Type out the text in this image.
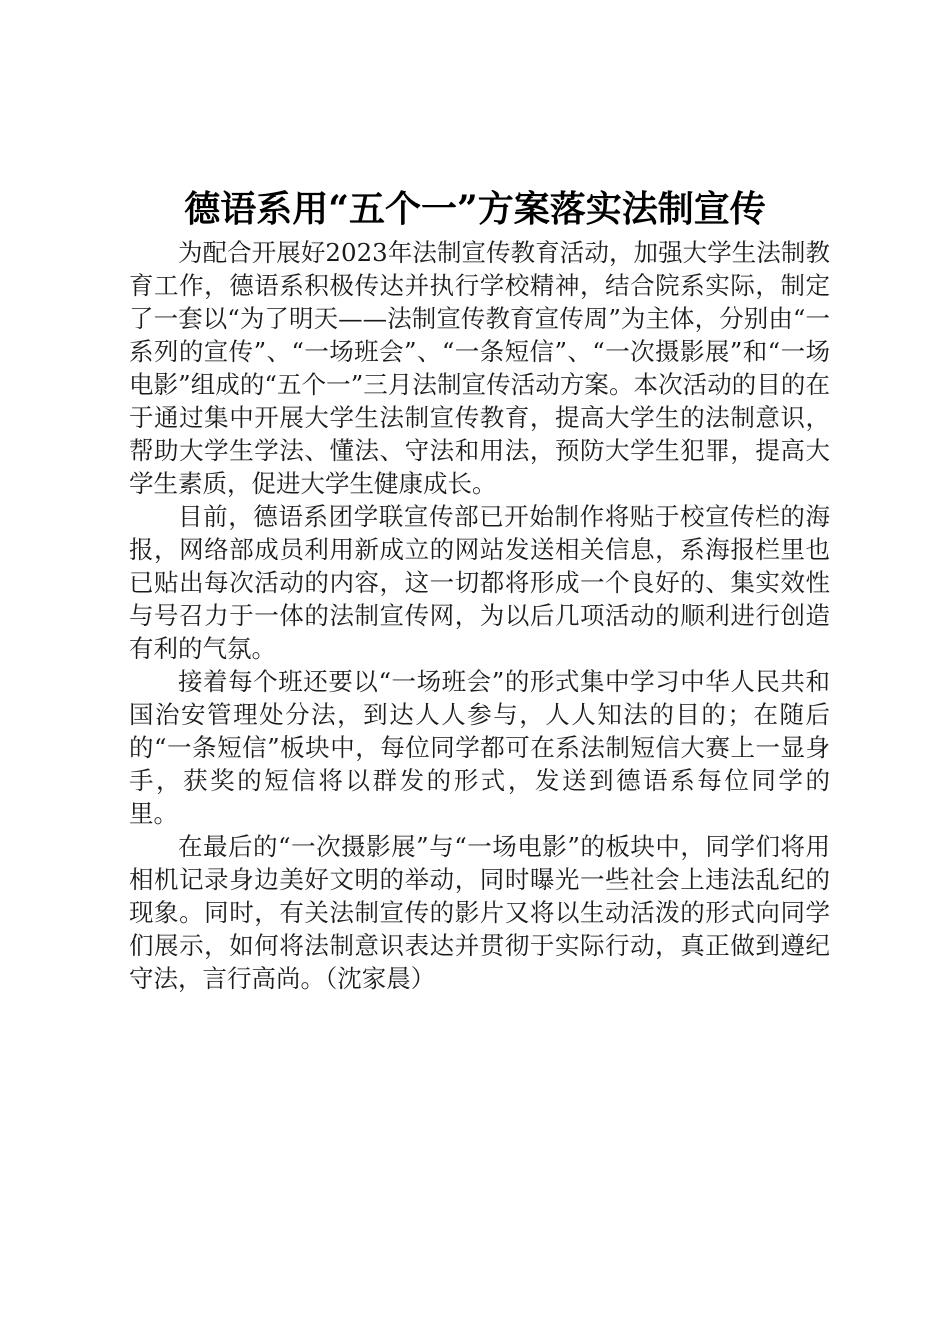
德语系用“五个一”方案落实法制宣传

为配合开展好2023年法制宣传教育活动，加强大学生法制教育工作，德语系积极传达并执行学校精神，结合院系实际，制定了一套以“为了明天——法制宣传教育宣传周”为主体，分别由“一系列的宣传”、“一场班会”、“一条短信”、“一次摄影展”和“一场电影”组成的“五个一”三月法制宣传活动方案。本次活动的目的在于通过集中开展大学生法制宣传教育，提高大学生的法制意识，帮助大学生学法、懂法、守法和用法，预防大学生犯罪，提高大学生素质，促进大学生健康成长。

目前，德语系团学联宣传部已开始制作将贴于校宣传栏的海报，网络部成员利用新成立的网站发送相关信息，系海报栏里也已贴出每次活动的内容，这一切都将形成一个良好的、集实效性与号召力于一体的法制宣传网，为以后几项活动的顺利进行创造有利的气氛。

接着每个班还要以“一场班会”的形式集中学习中华人民共和国治安管理处分法，到达人人参与，人人知法的目的；在随后的“一条短信”板块中，每位同学都可在系法制短信大赛上一显身手，获奖的短信将以群发的形式，发送到德语系每位同学的　　里。

在最后的“一次摄影展”与“一场电影”的板块中，同学们将用相机记录身边美好文明的举动，同时曝光一些社会上违法乱纪的现象。同时，有关法制宣传的影片又将以生动活泼的形式向同学们展示，如何将法制意识表达并贯彻于实际行动，真正做到遵纪守法，言行高尚。（沈家晨）
